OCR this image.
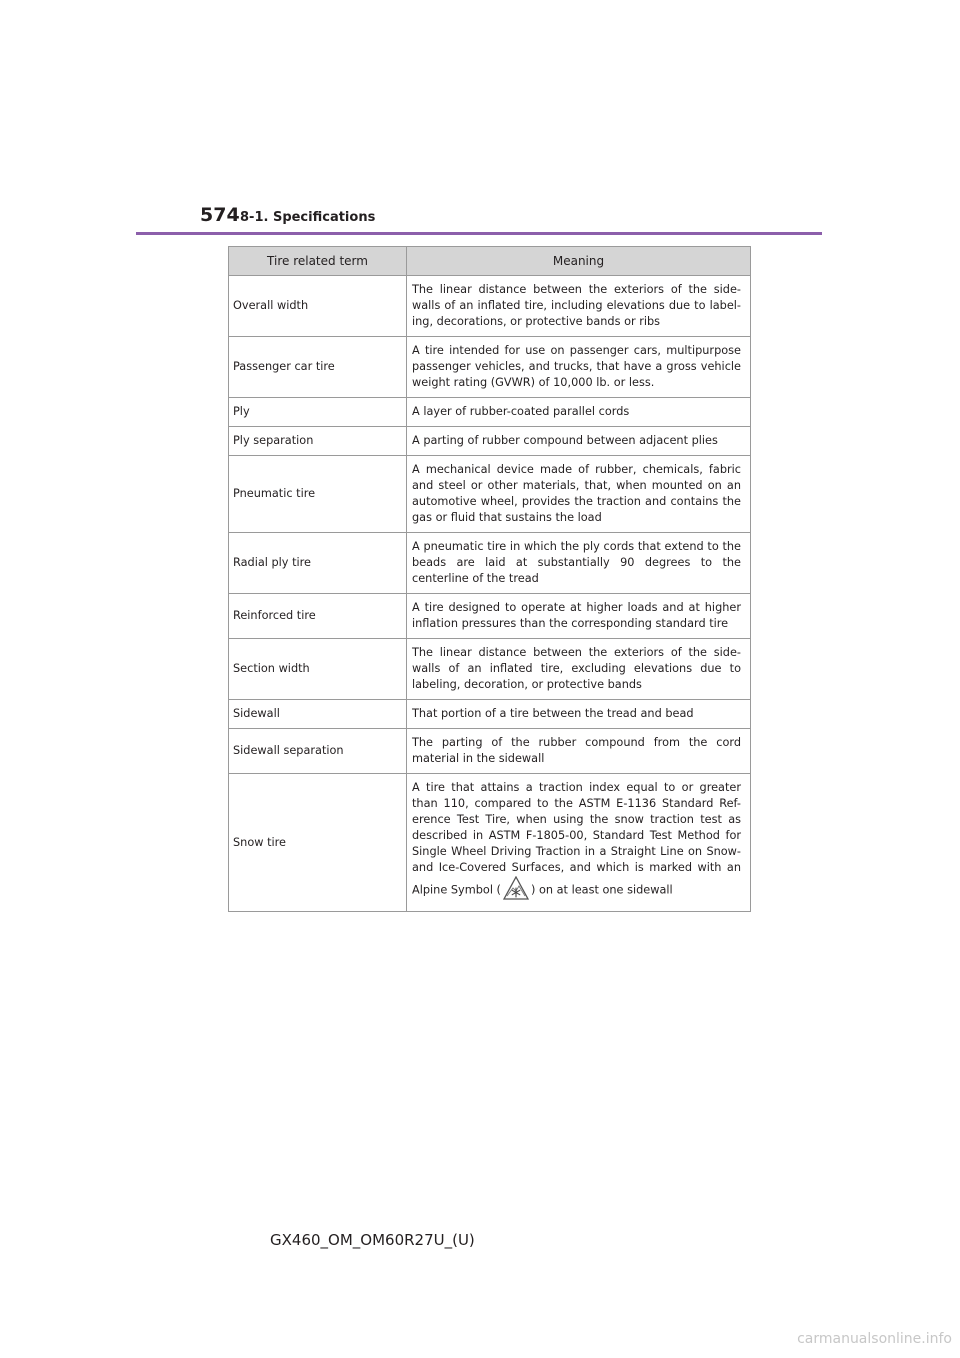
574 8-1. Specifications
Tire related term	Meaning
Overall width	The linear distance between the exteriors of the side-walls of an inflated tire, including elevations due to label-ing, decorations, or protective bands or ribs
Passenger car tire	A tire intended for use on passenger cars, multipurpose passenger vehicles, and trucks, that have a gross vehicle weight rating (GVWR) of 10,000 lb. or less.
Ply	A layer of rubber-coated parallel cords
Ply separation	A parting of rubber compound between adjacent plies
Pneumatic tire	A mechanical device made of rubber, chemicals, fabric and steel or other materials, that, when mounted on an automotive wheel, provides the traction and contains the gas or fluid that sustains the load
Radial ply tire	A pneumatic tire in which the ply cords that extend to the beads are laid at substantially 90 degrees to the centerline of the tread
Reinforced tire	A tire designed to operate at higher loads and at higher inflation pressures than the corresponding standard tire
Section width	The linear distance between the exteriors of the side-walls of an inflated tire, excluding elevations due to labeling, decoration, or protective bands
Sidewall	That portion of a tire between the tread and bead
Sidewall separation	The parting of the rubber compound from the cord material in the sidewall
Snow tire	A tire that attains a traction index equal to or greater than 110, compared to the ASTM E-1136 Standard Ref-erence Test Tire, when using the snow traction test as described in ASTM F-1805-00, Standard Test Method for Single Wheel Driving Traction in a Straight Line on Snow-and Ice-Covered Surfaces, and which is marked with an Alpine Symbol ( ) on at least one sidewall
GX460_OM_OM60R27U_(U)
carmanualsonline.info
